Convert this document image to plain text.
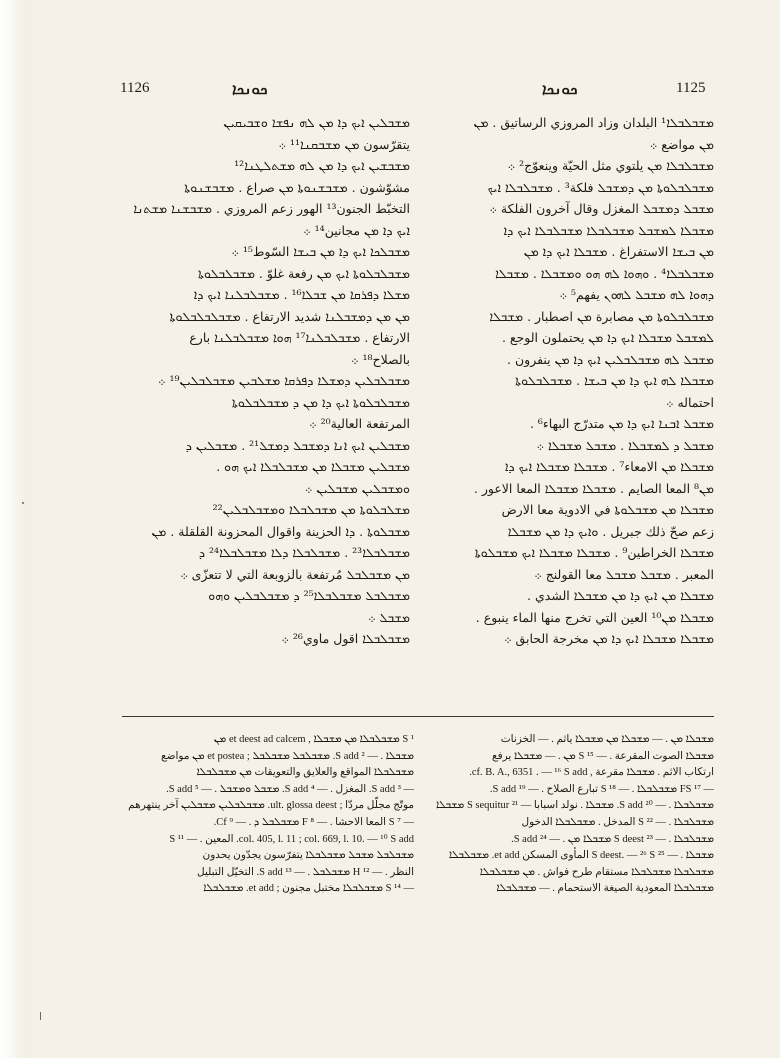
1126	ܟܘܢܟܐ	ܟܘܢܟܐ	1125

ܡܫܒܠܝܢ ܐܝܟ ܕܐ ܡܢ ܠܗ ܢܦܫܐ ܘܫܒܝܩܝܢ

يتقرّسون ܡܢ ܡܫܒܩܢܐ¹¹ ܀

ܡܫܒܫܝܢ ܐܝܟ ܕܐ ܡܢ ܠܗ ܡܫܬܠܛܢܐ¹²

مشوّشون . ܡܫܒܫܢܘܬܐ ܡܢ صراع . ܡܫܒܫܢܘܬܐ

التخبّط الجنون¹³ الهور زعم المروزي . ܡܫܒܫܢܐ ܡܫܬܢܐ

ܐܝܟ ܕܐ ܡܢ مجانين¹⁴ ܀

ܡܫܒܠܟܐ ܐܝܟ ܕܐ ܡܢ ܒܝܫܐ السّوط¹⁵ ܀

ܡܫܒܠܒܠܘܬܐ ܐܝܟ ܡܢ رفعة غلوّ . ܡܫܒܠܒܠܘܬܐ

ܡܫܠܐ ܕܦܪܩܐ ܡܢ ܫܒܠܐ¹⁶ . ܡܫܒܠܒܠܢܐ ܐܝܟ ܕܐ

ܡܢ ܡܢ ܕܡܫܒܠܢܐ شديد الارتفاع . ܡܫܒܠܒܠܒܠܘܬܐ

الارتفاع . ܡܫܒܠܒܠܢܐ¹⁷ ܗܘܐ ܡܫܒܠܒܠܢܐ بارع

بالصلاح¹⁸ ܀

ܡܫܒܠܒܠܝܢ ܕܡܫܠܐ ܕܦܪܩܐ ܡܫܠܒܝܢ ܡܫܒܠܒܠܝܢ¹⁹ ܀

ܡܫܒܠܒܠܘܬܐ ܐܝܟ ܕܐ ܡܢ ܕ ܡܫܒܠܒܠܘܬܐ

المرتفعة العالية²⁰ ܀

ܡܫܒܠܝܢ ܐܝܟ ܐܢܐ ܕܡܫܒܠ ܕܡܫܠ²¹ . ܡܫܒܠܝܢ ܕ

ܡܫܒܠܝܢ ܡܫܒܠܐ ܡܢ ܡܫܒܠܒܠܐ ܐܝܟ ܗܘ .

ܘܡܫܒܠܝܢ ܡܫܒܠܝܢ ܀

ܡܫܠܒܠܘܬܐ ܡܢ ܡܫܒܠܒܠܐ ܘܡܫܒܠܒܠܝܢ²²

ܡܫܒܠܘܬܐ . ܕܐ الحزينة واقوال المحزونة القلقلة . ܡܢ

ܡܫܒܠܒܠܐ²³ . ܡܫܒܠܒܠܐ ܕܠܐ ܡܫܒܠܒܠܐ²⁴ ܕ

ܡܢ ܡܫܒܠܒܠ مُرتفعة بالزوبعة التي لا تتعزّى ܀

ܡܫܒܠܒܠ ܡܫܒܠܒܠܐ²⁵ ܕ ܡܫܒܠܒܠܝܢ ܘܗܘ

ܡܫܒܠ ܀

ܡܫܒܠܒܠܐ اقول ماوي²⁶ ܀

ܡܫܒܠܒܠܐ¹ البلدان وزاد المروزي الرساتيق . ܡܢ

ܡܢ مواضع ܀

ܡܫܒܠܒܠܐ ܡܢ يلتوي مثل الحيّة وينعوّج² ܀

ܡܫܒܠܒܠܘܬܐ ܡܢ ܕܡܫܒܠ فلكة³ . ܡܫܒܠܒܠܐ ܐܝܟ

ܡܫܒܠ ܕܡܫܒܠ المغزل وقال آخرون الفلكة ܀

ܡܫܒܠܐ ܠܡܫܒܠ ܡܫܒܠܒܠܐ ܡܫܒܠܒܠܐ ܐܝܟ ܕܐ

ܡܢ ܒܝܫܐ الاستفراغ . ܡܫܒܠܐ ܐܝܟ ܕܐ ܡܢ

ܡܫܒܠܒܠܐ⁴ . ܘܗܘܐ ܠܗ ܗܘ ܘܡܫܒܠܐ . ܡܫܒܠܐ

ܕܗܘܐ ܠܗ ܡܫܒܠ ܠܗܘܢ يفهم⁵ ܀

ܡܫܒܠܒܠܘܬܐ ܡܢ مصابرة ܡܢ اصطبار . ܡܫܒܠܐ

ܠܡܫܒܠ ܡܫܒܠܐ ܐܝܟ ܕܐ ܡܢ يحتملون الوجع .

ܡܫܒܠ ܠܗ ܡܫܒܠܒܠܝܢ ܐܝܟ ܕܐ ܡܢ ينفرون .

ܡܫܒܠܐ ܠܗ ܐܝܟ ܕܐ ܡܢ ܒܝܫܐ . ܡܫܒܠܒܠܘܬܐ

احتماله ܀

ܡܫܒܠ ܐܒܢܐ ܐܝܟ ܕܐ ܡܢ متدرّج البهاء⁶ .

ܡܫܒܠ ܕ ܠܡܫܒܠܐ . ܡܫܒܠ ܡܫܒܠܐ ܀

ܡܫܒܠܐ ܡܢ الامعاء⁷ . ܡܫܒܠܐ ܡܫܒܠܐ ܐܝܟ ܕܐ

ܡܢ⁸ المعا الصايم . ܡܫܒܠܐ ܡܫܒܠܐ المعا الاعور .

ܡܫܒܠܐ ܡܢ ܡܫܒܠܘܬܐ في الادوية معا الارض

زعم صحّ ذلك جبريل . ܘܐܝܟ ܕܐ ܡܢ ܡܫܒܠܐ

ܡܫܒܠܐ الخراطين⁹ . ܡܫܒܠܐ ܡܫܒܠܐ ܐܝܟ ܡܫܒܠܘܬܐ

المعبر . ܡܫܒܠ ܡܫܒܠ معا القولنج ܀

ܡܫܒܠܐ ܡܢ ܐܝܟ ܕܐ ܡܢ ܡܫܒܠܐ الشدي .

ܡܫܒܠܐ ܡܢ¹⁰ العين التي تخرج منها الماء ينبوع .

ܡܫܒܠܐ ܡܫܒܠܐ ܐܝܟ ܕܐ ܡܢ مخرجة الحابق ܀

¹ S ܡܫܒܠܒܠܐ ܡܢ ܡܫܒܠܐ , et deest ad calcem ܡܢ

ܡܫܒܠܐ . — ² S add. ܡܫܒܠܒܠ ܡܫܒܠܒܠ ; et postea ܡܢ مواضع

ܡܫܒܠܒܠܐ المواقع والعلايق والتعويقات ܡܢ ܡܫܒܠܒܠܐ

— ³ S add. المغزل . — ⁴ S add. ܡܫܒܠ ܘܡܫܒܠ . — ⁵ S add.

موتّج مجلّل مردّا ; ult. glossa deest. ܡܫܒܠܒܠܝܢ ܡܫܒܠܝܢ آخر ينتهرهم

— ⁷ S المعا الاحشا . — ⁸ F ܡܫܒܠܒܠ ܕ . — ⁹ Cf.

col. 405, l. 11 ; col. 669, l. 10. — ¹⁰ S add. المعين . — ¹¹ S

ܡܫܒܠܒܠ ܡܫܒܠ ܡܫܒܠܒܠܐ يتفرّسون يجدّون يحدون

النظر . — ¹² H ܡܫܒܠܒܠ . — ¹³ S add. التخيّل التبليل

— ¹⁴ S ܡܫܒܠܒܠܐ مختبل مجنون ; et add. ܡܫܒܠܒܠܐ

ܡܫܒܠܐ ܡܢ . — ܡܫܒܠܐ ܡܢ ܡܫܒܠܐ ياثم . — الخزنات

ܡܫܒܠܐ الصوت المقرعة . — ¹⁵ S ܡܢ . — ܡܫܒܠܐ يرفع

ارتكاب الاثم . ܡܫܒܠܐ مقرعة , cf. B. A., 6351 . — ¹⁶ S add.

— ¹⁷ FS ܡܫܒܠܒܠܐ . — ¹⁸ S تبارع الصلاح . — ¹⁹ S add.

ܡܫܒܠܒܠܐ . — ²⁰ S add. ܡܫܒܠܐ . نولد اسبابا — ²¹ S sequitur ܡܫܒܠܐ

ܡܫܒܠܒܠܐ . — ²² S المدخل . ܡܫܒܠܒܠܐ الدخول

ܡܫܒܠܒܠܐ . — ²³ S deest ܡܫܒܠܐ ܡܢ . — ²⁴ S add.

ܡܫܒܠܐ . — ²⁵ S deest. — ²⁶ S المأوى المسكن et add. ܡܫܒܠܒܠܐ

ܡܫܒܠܒܠܐ ܡܫܒܠܒܠܐ مستقام طرح فواش . ܡܢ ܡܫܒܠܒܠܐ

ܡܫܒܠܒܠܐ المعودية الصيغة الاستحمام . — ܡܫܒܠܒܠܐ
